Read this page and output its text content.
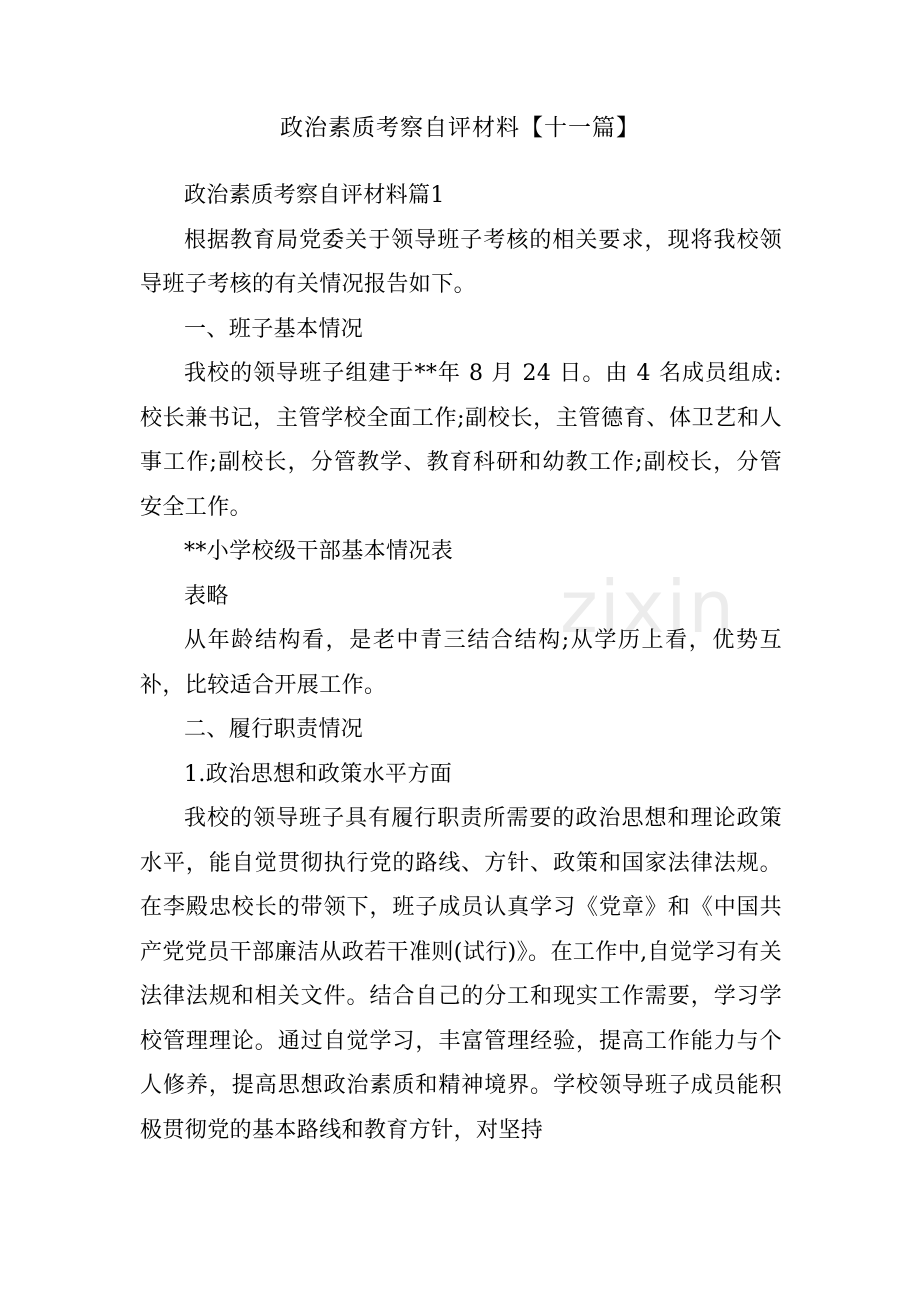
政治素质考察自评材料【十一篇】
zixin

政治素质考察自评材料篇1

根据教育局党委关于领导班子考核的相关要求，现将我校领导班子考核的有关情况报告如下。

一、班子基本情况

我校的领导班子组建于**年 8 月 24 日。由 4 名成员组成:校长兼书记，主管学校全面工作;副校长，主管德育、体卫艺和人事工作;副校长，分管教学、教育科研和幼教工作;副校长，分管安全工作。

**小学校级干部基本情况表

表略

从年龄结构看，是老中青三结合结构;从学历上看，优势互补，比较适合开展工作。

二、履行职责情况

1.政治思想和政策水平方面

我校的领导班子具有履行职责所需要的政治思想和理论政策水平，能自觉贯彻执行党的路线、方针、政策和国家法律法规。在李殿忠校长的带领下，班子成员认真学习《党章》和《中国共产党党员干部廉洁从政若干准则(试行)》。在工作中,自觉学习有关法律法规和相关文件。结合自己的分工和现实工作需要，学习学校管理理论。通过自觉学习，丰富管理经验，提高工作能力与个人修养，提高思想政治素质和精神境界。学校领导班子成员能积极贯彻党的基本路线和教育方针，对坚持
